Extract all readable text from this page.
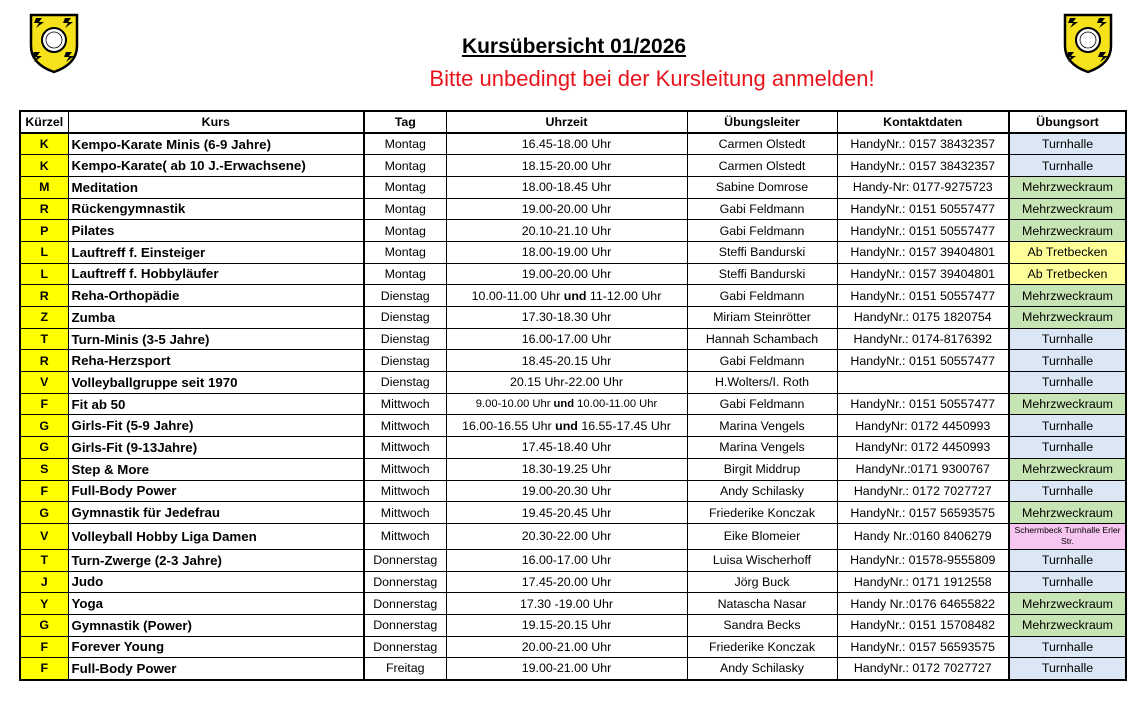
Kursübersicht 01/2026
Bitte unbedingt bei der Kursleitung anmelden!
Kürzel	Kurs	Tag	Uhrzeit	Übungsleiter	Kontaktdaten	Übungsort
K	Kempo-Karate Minis (6-9 Jahre)	Montag	16.45-18.00 Uhr	Carmen Olstedt	HandyNr.: 0157 38432357	Turnhalle
K	Kempo-Karate( ab 10 J.-Erwachsene)	Montag	18.15-20.00 Uhr	Carmen Olstedt	HandyNr.: 0157 38432357	Turnhalle
M	Meditation	Montag	18.00-18.45 Uhr	Sabine Domrose	Handy-Nr: 0177-9275723	Mehrzweckraum
R	Rückengymnastik	Montag	19.00-20.00 Uhr	Gabi Feldmann	HandyNr.: 0151 50557477	Mehrzweckraum
P	Pilates	Montag	20.10-21.10 Uhr	Gabi Feldmann	HandyNr.: 0151 50557477	Mehrzweckraum
L	Lauftreff f. Einsteiger	Montag	18.00-19.00 Uhr	Steffi Bandurski	HandyNr.: 0157 39404801	Ab Tretbecken
L	Lauftreff f. Hobbyläufer	Montag	19.00-20.00 Uhr	Steffi Bandurski	HandyNr.: 0157 39404801	Ab Tretbecken
R	Reha-Orthopädie	Dienstag	10.00-11.00 Uhr und 11-12.00 Uhr	Gabi Feldmann	HandyNr.: 0151 50557477	Mehrzweckraum
Z	Zumba	Dienstag	17.30-18.30 Uhr	Miriam Steinrötter	HandyNr.: 0175 1820754	Mehrzweckraum
T	Turn-Minis (3-5 Jahre)	Dienstag	16.00-17.00 Uhr	Hannah Schambach	HandyNr.: 0174-8176392	Turnhalle
R	Reha-Herzsport	Dienstag	18.45-20.15 Uhr	Gabi Feldmann	HandyNr.: 0151 50557477	Turnhalle
V	Volleyballgruppe seit 1970	Dienstag	20.15 Uhr-22.00 Uhr	H.Wolters/I. Roth		Turnhalle
F	Fit ab 50	Mittwoch	9.00-10.00 Uhr und 10.00-11.00 Uhr	Gabi Feldmann	HandyNr.: 0151 50557477	Mehrzweckraum
G	Girls-Fit (5-9 Jahre)	Mittwoch	16.00-16.55 Uhr und 16.55-17.45 Uhr	Marina Vengels	HandyNr: 0172 4450993	Turnhalle
G	Girls-Fit (9-13Jahre)	Mittwoch	17.45-18.40 Uhr	Marina Vengels	HandyNr: 0172 4450993	Turnhalle
S	Step & More	Mittwoch	18.30-19.25 Uhr	Birgit Middrup	HandyNr.:0171 9300767	Mehrzweckraum
F	Full-Body Power	Mittwoch	19.00-20.30 Uhr	Andy Schilasky	HandyNr.: 0172 7027727	Turnhalle
G	Gymnastik für Jedefrau	Mittwoch	19.45-20.45 Uhr	Friederike Konczak	HandyNr.: 0157 56593575	Mehrzweckraum
V	Volleyball Hobby Liga Damen	Mittwoch	20.30-22.00 Uhr	Eike Blomeier	Handy Nr.:0160 8406279	Schermbeck Turnhalle Erler Str.
T	Turn-Zwerge (2-3 Jahre)	Donnerstag	16.00-17.00 Uhr	Luisa Wischerhoff	HandyNr.: 01578-9555809	Turnhalle
J	Judo	Donnerstag	17.45-20.00 Uhr	Jörg Buck	HandyNr.: 0171 1912558	Turnhalle
Y	Yoga	Donnerstag	17.30 -19.00 Uhr	Natascha Nasar	Handy Nr.:0176 64655822	Mehrzweckraum
G	Gymnastik (Power)	Donnerstag	19.15-20.15 Uhr	Sandra Becks	HandyNr.: 0151 15708482	Mehrzweckraum
F	Forever Young	Donnerstag	20.00-21.00 Uhr	Friederike Konczak	HandyNr.: 0157 56593575	Turnhalle
F	Full-Body Power	Freitag	19.00-21.00 Uhr	Andy Schilasky	HandyNr.: 0172 7027727	Turnhalle
